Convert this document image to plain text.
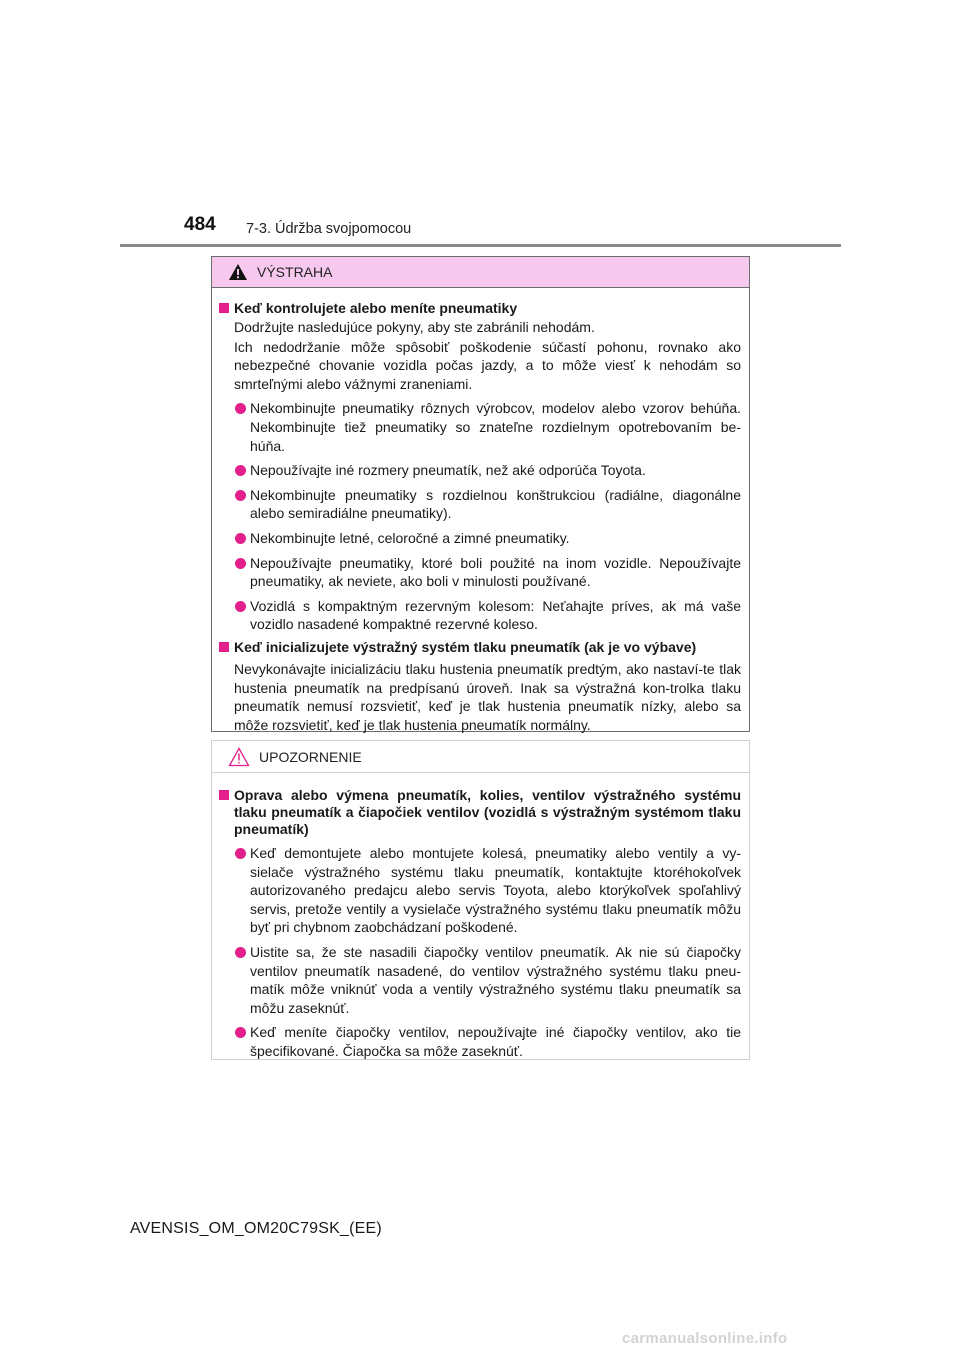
484 7-3. Údržba svojpomocou
VÝSTRAHA
Keď kontrolujete alebo meníte pneumatiky
Dodržujte nasledujúce pokyny, aby ste zabránili nehodám.
Ich nedodržanie môže spôsobiť poškodenie súčastí pohonu, rovnako ako nebezpečné chovanie vozidla počas jazdy, a to môže viesť k nehodám so smrteľnými alebo vážnymi zraneniami.
Nekombinujte pneumatiky rôznych výrobcov, modelov alebo vzorov behúňa. Nekombinujte tiež pneumatiky so znateľne rozdielnym opotrebovaním be-húňa.
Nepoužívajte iné rozmery pneumatík, než aké odporúča Toyota.
Nekombinujte pneumatiky s rozdielnou konštrukciou (radiálne, diagonálne alebo semiradiálne pneumatiky).
Nekombinujte letné, celoročné a zimné pneumatiky.
Nepoužívajte pneumatiky, ktoré boli použité na inom vozidle. Nepoužívajte pneumatiky, ak neviete, ako boli v minulosti používané.
Vozidlá s kompaktným rezervným kolesom: Neťahajte príves, ak má vaše vozidlo nasadené kompaktné rezervné koleso.
Keď inicializujete výstražný systém tlaku pneumatík (ak je vo výbave)
Nevykonávajte inicializáciu tlaku hustenia pneumatík predtým, ako nastaví-te tlak hustenia pneumatík na predpísanú úroveň. Inak sa výstražná kon-trolka tlaku pneumatík nemusí rozsvietiť, keď je tlak hustenia pneumatík nízky, alebo sa môže rozsvietiť, keď je tlak hustenia pneumatík normálny.
UPOZORNENIE
Oprava alebo výmena pneumatík, kolies, ventilov výstražného systému tlaku pneumatík a čiapočiek ventilov (vozidlá s výstražným systémom tlaku pneumatík)
Keď demontujete alebo montujete kolesá, pneumatiky alebo ventily a vy-sielače výstražného systému tlaku pneumatík, kontaktujte ktoréhokoľvek autorizovaného predajcu alebo servis Toyota, alebo ktorýkoľvek spoľahlivý servis, pretože ventily a vysielače výstražného systému tlaku pneumatík môžu byť pri chybnom zaobchádzaní poškodené.
Uistite sa, že ste nasadili čiapočky ventilov pneumatík. Ak nie sú čiapočky ventilov pneumatík nasadené, do ventilov výstražného systému tlaku pneu-matík môže vniknúť voda a ventily výstražného systému tlaku pneumatík sa môžu zaseknúť.
Keď meníte čiapočky ventilov, nepoužívajte iné čiapočky ventilov, ako tie špecifikované. Čiapočka sa môže zaseknúť.
AVENSIS_OM_OM20C79SK_(EE)
carmanualsonline.info
